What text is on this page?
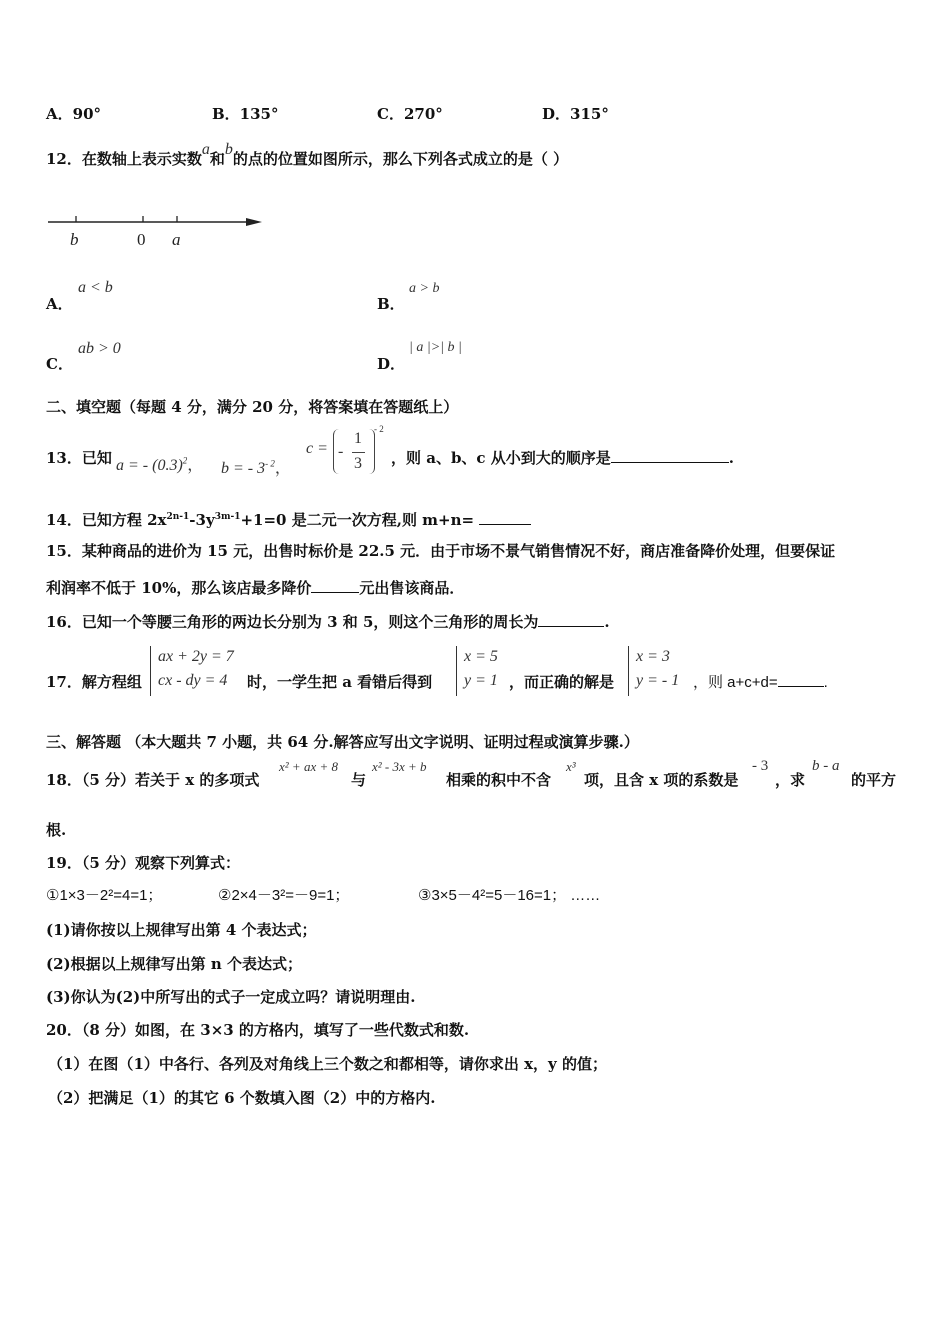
A．90°	B．135°	C．270°	D．315°
12．在数轴上表示实数a和b的点的位置如图所示，那么下列各式成立的是（ ）
b	0 a
A．
a < b
B．
a > b
C．
ab > 0
D．
| a |>| b |
二、填空题（每题 4 分，满分 20 分，将答案填在答题纸上）
13．已知 a = - $(0.3)^2$， b = - $3^{- 2}$，
c = -
1
3
- 2
，则 a、b、c 从小到大的顺序是	.
14．已知方程 $2x^{2n-1}-3y^{3m-1}+1=0$ 是二元一次方程,则 m+n=
15．某种商品的进价为 15 元，出售时标价是 22.5 元．由于市场不景气销售情况不好，商店准备降价处理，但要保证
利润率不低于 10%，那么该店最多降价	元出售该商品．
16．已知一个等腰三角形的两边长分别为 3 和 5，则这个三角形的周长为	.
17．解方程组
ax + 2y = 7
cx - dy = 4	时，一学生把 a 看错后得到
x = 5
y = 1 ，而正确的解是
x = 3
y = - 1 ，则 a+c+d=	.
三、解答题 （本大题共 7 小题，共 64 分.解答应写出文字说明、证明过程或演算步骤.）
18．（5 分）若关于 x 的多项式
x² + ax + 8
与
x² - 3x + b
相乘的积中不含
x³
项，且含 x 项的系数是
- 3
，求
b - a
的平方
根.
19．（5 分）观察下列算式：
①1×3－2²=4=1；	②2×4－3²=－9=1；	③3×5－4²=5－16=1； ……
(1)请你按以上规律写出第 4 个表达式；
(2)根据以上规律写出第 n 个表达式；
(3)你认为(2)中所写出的式子一定成立吗？请说明理由.
20．（8 分）如图，在 3×3 的方格内，填写了一些代数式和数.
（1）在图（1）中各行、各列及对角线上三个数之和都相等，请你求出 x，y 的值；
（2）把满足（1）的其它 6 个数填入图（2）中的方格内.
